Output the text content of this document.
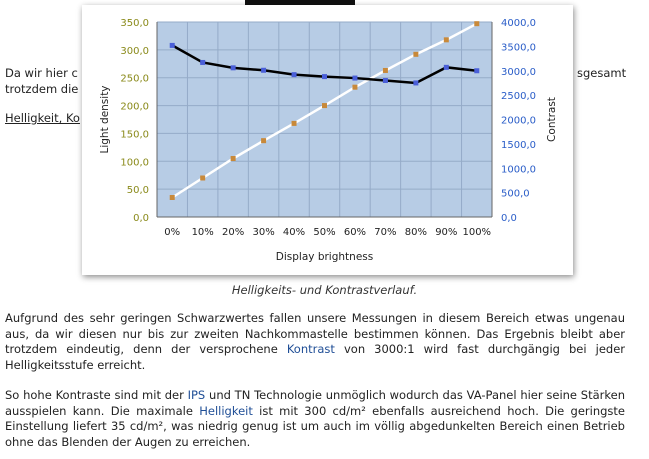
Da wir hier c	sgesamt
trotzdem die
Helligkeit, Ko
0,0
50,0
100,0
150,0
200,0
250,0
300,0
350,0
0,0
500,0
1000,0
1500,0
2000,0
2500,0
3000,0
3500,0
4000,0
0% 10% 20% 30% 40% 50% 60% 70% 80% 90% 100%
Display brightness
Light density	Contrast
Helligkeits- und Kontrastverlauf.
Aufgrund des sehr geringen Schwarzwertes fallen unsere Messungen in diesem Bereich etwas ungenau aus, da wir diesen nur bis zur zweiten Nachkommastelle bestimmen können. Das Ergebnis bleibt aber trotzdem eindeutig, denn der versprochene Kontrast von 3000:1 wird fast durchgängig bei jeder Helligkeitsstufe erreicht.
So hohe Kontraste sind mit der IPS und TN Technologie unmöglich wodurch das VA-Panel hier seine Stärken ausspielen kann. Die maximale Helligkeit ist mit 300 cd/m² ebenfalls ausreichend hoch. Die geringste Einstellung liefert 35 cd/m², was niedrig genug ist um auch im völlig abgedunkelten Bereich einen Betrieb ohne das Blenden der Augen zu erreichen.
